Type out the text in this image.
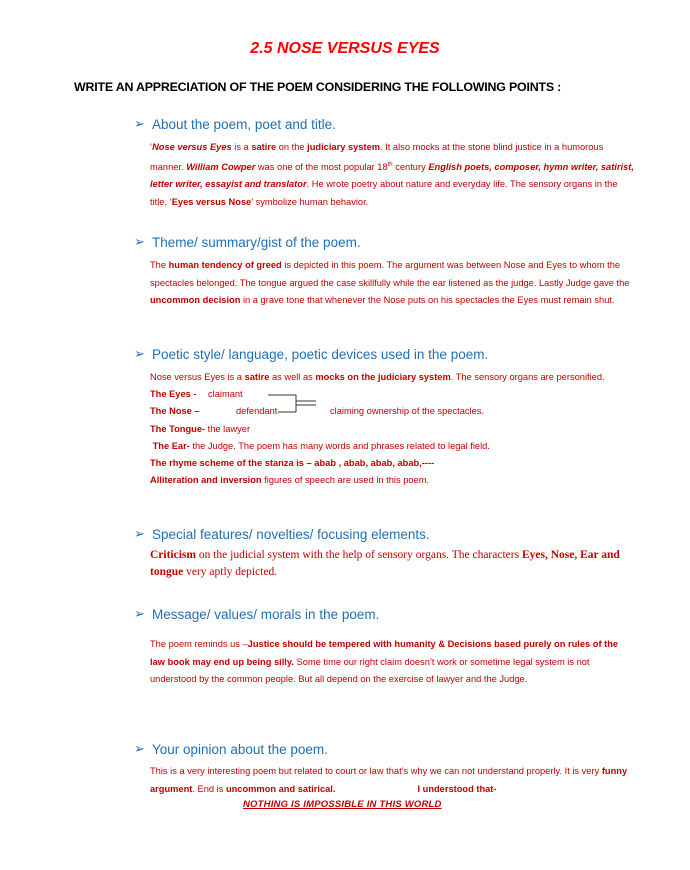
2.5 NOSE VERSUS EYES

WRITE AN APPRECIATION OF THE POEM CONSIDERING THE FOLLOWING POINTS :

➢ About the poem, poet and title.

‘Nose versus Eyes is a satire on the judiciary system. It also mocks at the stone blind justice in a humorous manner. William Cowper was one of the most popular 18th century English poets, composer, hymn writer, satirist, letter writer, essayist and translator. He wrote poetry about nature and everyday life. The sensory organs in the title, ‘Eyes versus Nose’ symbolize human behavior.

➢ Theme/ summary/gist of the poem.

The human tendency of greed is depicted in this poem. The argument was between Nose and Eyes to whom the spectacles belonged. The tongue argued the case skillfully while the ear listened as the judge. Lastly Judge gave the uncommon decision in a grave tone that whenever the Nose puts on his spectacles the Eyes must remain shut.

➢ Poetic style/ language, poetic devices used in the poem.

Nose versus Eyes is a satire as well as mocks on the judiciary system. The sensory organs are personified.

The Eyes - claimant
The Nose –	defendant	claiming ownership of the spectacles.

The Tongue- the lawyer

The Ear- the Judge. The poem has many words and phrases related to legal field.

The rhyme scheme of the stanza is – abab , abab, abab, abab,----

Alliteration and inversion figures of speech are used in this poem.

➢ Special features/ novelties/ focusing elements.

Criticism on the judicial system with the help of sensory organs. The characters Eyes, Nose, Ear and tongue very aptly depicted.

➢ Message/ values/ morals in the poem.

The poem reminds us –Justice should be tempered with humanity & Decisions based purely on rules of the law book may end up being silly. Some time our right claim doesn’t work or sometime legal system is not understood by the common people. But all depend on the exercise of lawyer and the Judge.

➢ Your opinion about the poem.

This is a very interesting poem but related to court or law that’s why we can not understand properly. It is very funny argument. End is uncommon and satirical.	I understood that-

NOTHING IS IMPOSSIBLE IN THIS WORLD
